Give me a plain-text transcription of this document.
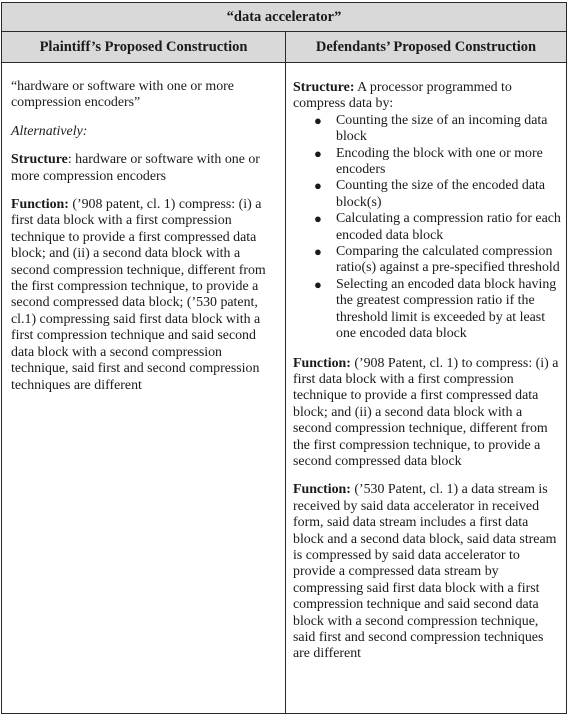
“data accelerator”
Plaintiff’s Proposed Construction	Defendants’ Proposed Construction

“hardware or software with one or more compression encoders”

Alternatively:

Structure: hardware or software with one or more compression encoders

Function: (’908 patent, cl. 1) compress: (i) a first data block with a first compression technique to provide a first compressed data block; and (ii) a second data block with a second compression technique, different from the first compression technique, to provide a second compressed data block; (’530 patent, cl.1) compressing said first data block with a first compression technique and said second data block with a second compression technique, said first and second compression techniques are different

Structure: A processor programmed to compress data by:

● Counting the size of an incoming data block
● Encoding the block with one or more encoders
● Counting the size of the encoded data block(s)
● Calculating a compression ratio for each encoded data block
● Comparing the calculated compression ratio(s) against a pre-specified threshold
● Selecting an encoded data block having the greatest compression ratio if the threshold limit is exceeded by at least one encoded data block

Function: (’908 Patent, cl. 1) to compress: (i) a first data block with a first compression technique to provide a first compressed data block; and (ii) a second data block with a second compression technique, different from the first compression technique, to provide a second compressed data block

Function: (’530 Patent, cl. 1) a data stream is received by said data accelerator in received form, said data stream includes a first data block and a second data block, said data stream is compressed by said data accelerator to provide a compressed data stream by compressing said first data block with a first compression technique and said second data block with a second compression technique, said first and second compression techniques are different
